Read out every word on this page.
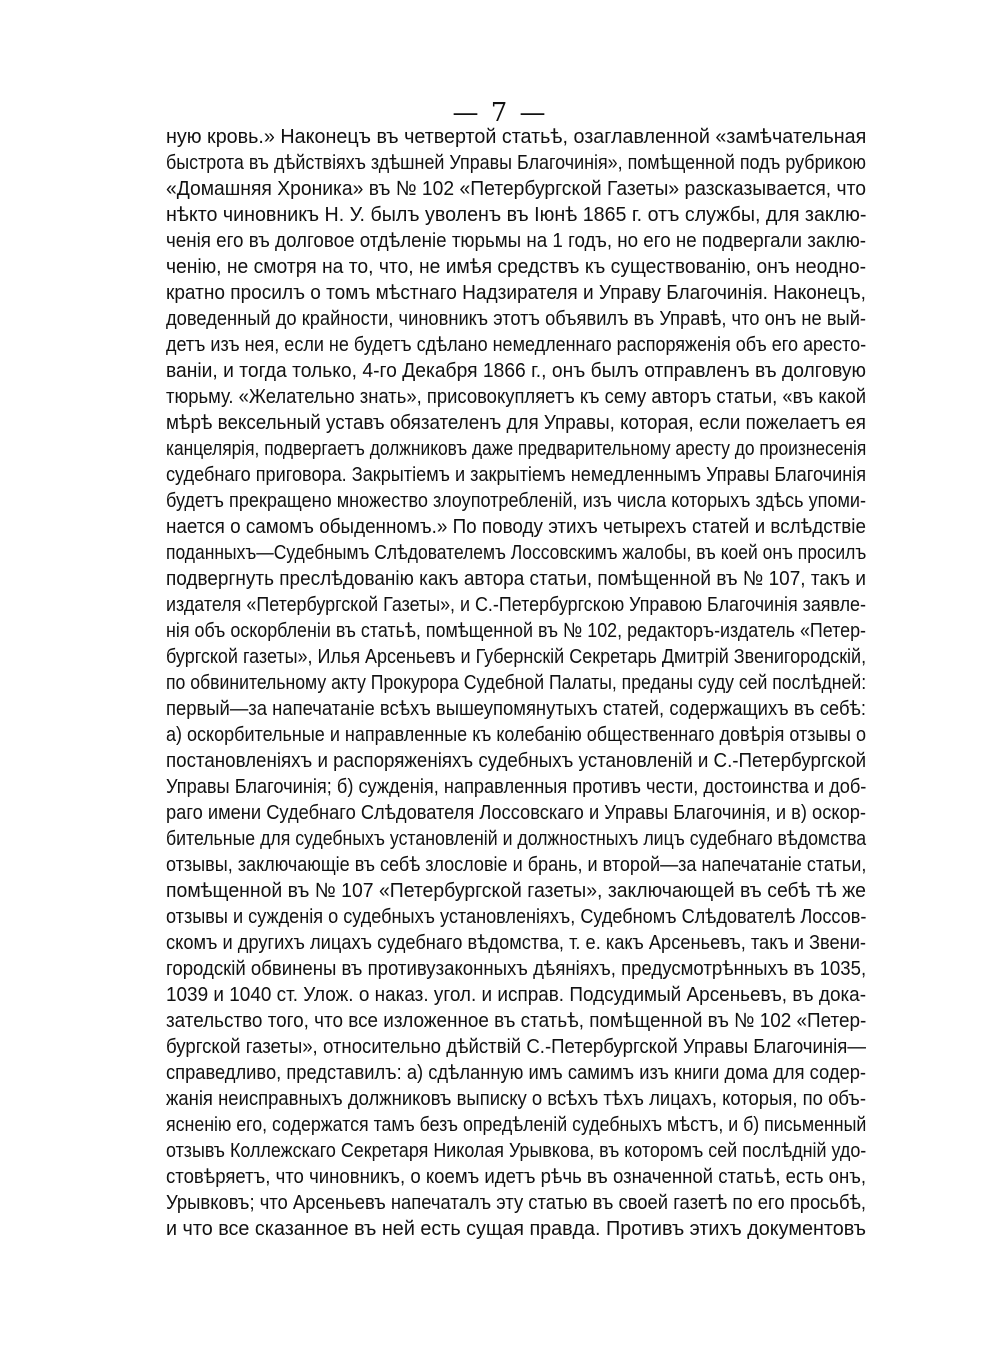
— 7 —
ную кровь.» Наконецъ въ четвертой статьѣ, озаглавленной «замѣчательная
быстрота въ дѣйствіяхъ здѣшней Управы Благочинія», помѣщенной подъ рубрикою
«Домашняя Хроника» въ № 102 «Петербургской Газеты» разсказывается, что
нѣкто чиновникъ Н. У. былъ уволенъ въ Іюнѣ 1865 г. отъ службы, для заклю-
ченія его въ долговое отдѣленіе тюрьмы на 1 годъ, но его не подвергали заклю-
ченію, не смотря на то, что, не имѣя средствъ къ существованію, онъ неодно-
кратно просилъ о томъ мѣстнаго Надзирателя и Управу Благочинія. Наконецъ,
доведенный до крайности, чиновникъ этотъ объявилъ въ Управѣ, что онъ не вый-
детъ изъ нея, если не будетъ сдѣлано немедленнаго распоряженія объ его аресто-
ваніи, и тогда только, 4-го Декабря 1866 г., онъ былъ отправленъ въ долговую
тюрьму. «Желательно знать», присовокупляетъ къ сему авторъ статьи, «въ какой
мѣрѣ вексельный уставъ обязателенъ для Управы, которая, если пожелаетъ ея
канцелярія, подвергаетъ должниковъ даже предварительному аресту до произнесенія
судебнаго приговора. Закрытіемъ и закрытіемъ немедленнымъ Управы Благочинія
будетъ прекращено множество злоупотребленій, изъ числа которыхъ здѣсь упоми-
нается о самомъ обыденномъ.» По поводу этихъ четырехъ статей и вслѣдствіе
поданныхъ—Судебнымъ Слѣдователемъ Лоссовскимъ жалобы, въ коей онъ просилъ
подвергнуть преслѣдованію какъ автора статьи, помѣщенной въ № 107, такъ и
издателя «Петербургской Газеты», и С.-Петербургскою Управою Благочинія заявле-
нія объ оскорбленіи въ статьѣ, помѣщенной въ № 102, редакторъ-издатель «Петер-
бургской газеты», Илья Арсеньевъ и Губернскій Секретарь Дмитрій Звенигородскій,
по обвинительному акту Прокурора Судебной Палаты, преданы суду сей послѣдней:
первый—за напечатаніе всѣхъ вышеупомянутыхъ статей, содержащихъ въ себѣ:
а) оскорбительные и направленные къ колебанію общественнаго довѣрія отзывы о
постановленіяхъ и распоряженіяхъ судебныхъ установленій и С.-Петербургской
Управы Благочинія; б) сужденія, направленныя противъ чести, достоинства и доб-
раго имени Судебнаго Слѣдователя Лоссовскаго и Управы Благочинія, и в) оскор-
бительные для судебныхъ установленій и должностныхъ лицъ судебнаго вѣдомства
отзывы, заключающіе въ себѣ злословіе и брань, и второй—за напечатаніе статьи,
помѣщенной въ № 107 «Петербургской газеты», заключающей въ себѣ тѣ же
отзывы и сужденія о судебныхъ установленіяхъ, Судебномъ Слѣдователѣ Лоссов-
скомъ и другихъ лицахъ судебнаго вѣдомства, т. е. какъ Арсеньевъ, такъ и Звени-
городскій обвинены въ противузаконныхъ дѣяніяхъ, предусмотрѣнныхъ въ 1035,
1039 и 1040 ст. Улож. о наказ. угол. и исправ. Подсудимый Арсеньевъ, въ дока-
зательство того, что все изложенное въ статьѣ, помѣщенной въ № 102 «Петер-
бургской газеты», относительно дѣйствій С.-Петербургской Управы Благочинія—
справедливо, представилъ: а) сдѣланную имъ самимъ изъ книги дома для содер-
жанія неисправныхъ должниковъ выписку о всѣхъ тѣхъ лицахъ, которыя, по объ-
ясненію его, содержатся тамъ безъ опредѣленій судебныхъ мѣстъ, и б) письменный
отзывъ Коллежскаго Секретаря Николая Урывкова, въ которомъ сей послѣдній удо-
стовѣряетъ, что чиновникъ, о коемъ идетъ рѣчь въ означенной статьѣ, есть онъ,
Урывковъ; что Арсеньевъ напечаталъ эту статью въ своей газетѣ по его просьбѣ,
и что все сказанное въ ней есть сущая правда. Противъ этихъ документовъ
